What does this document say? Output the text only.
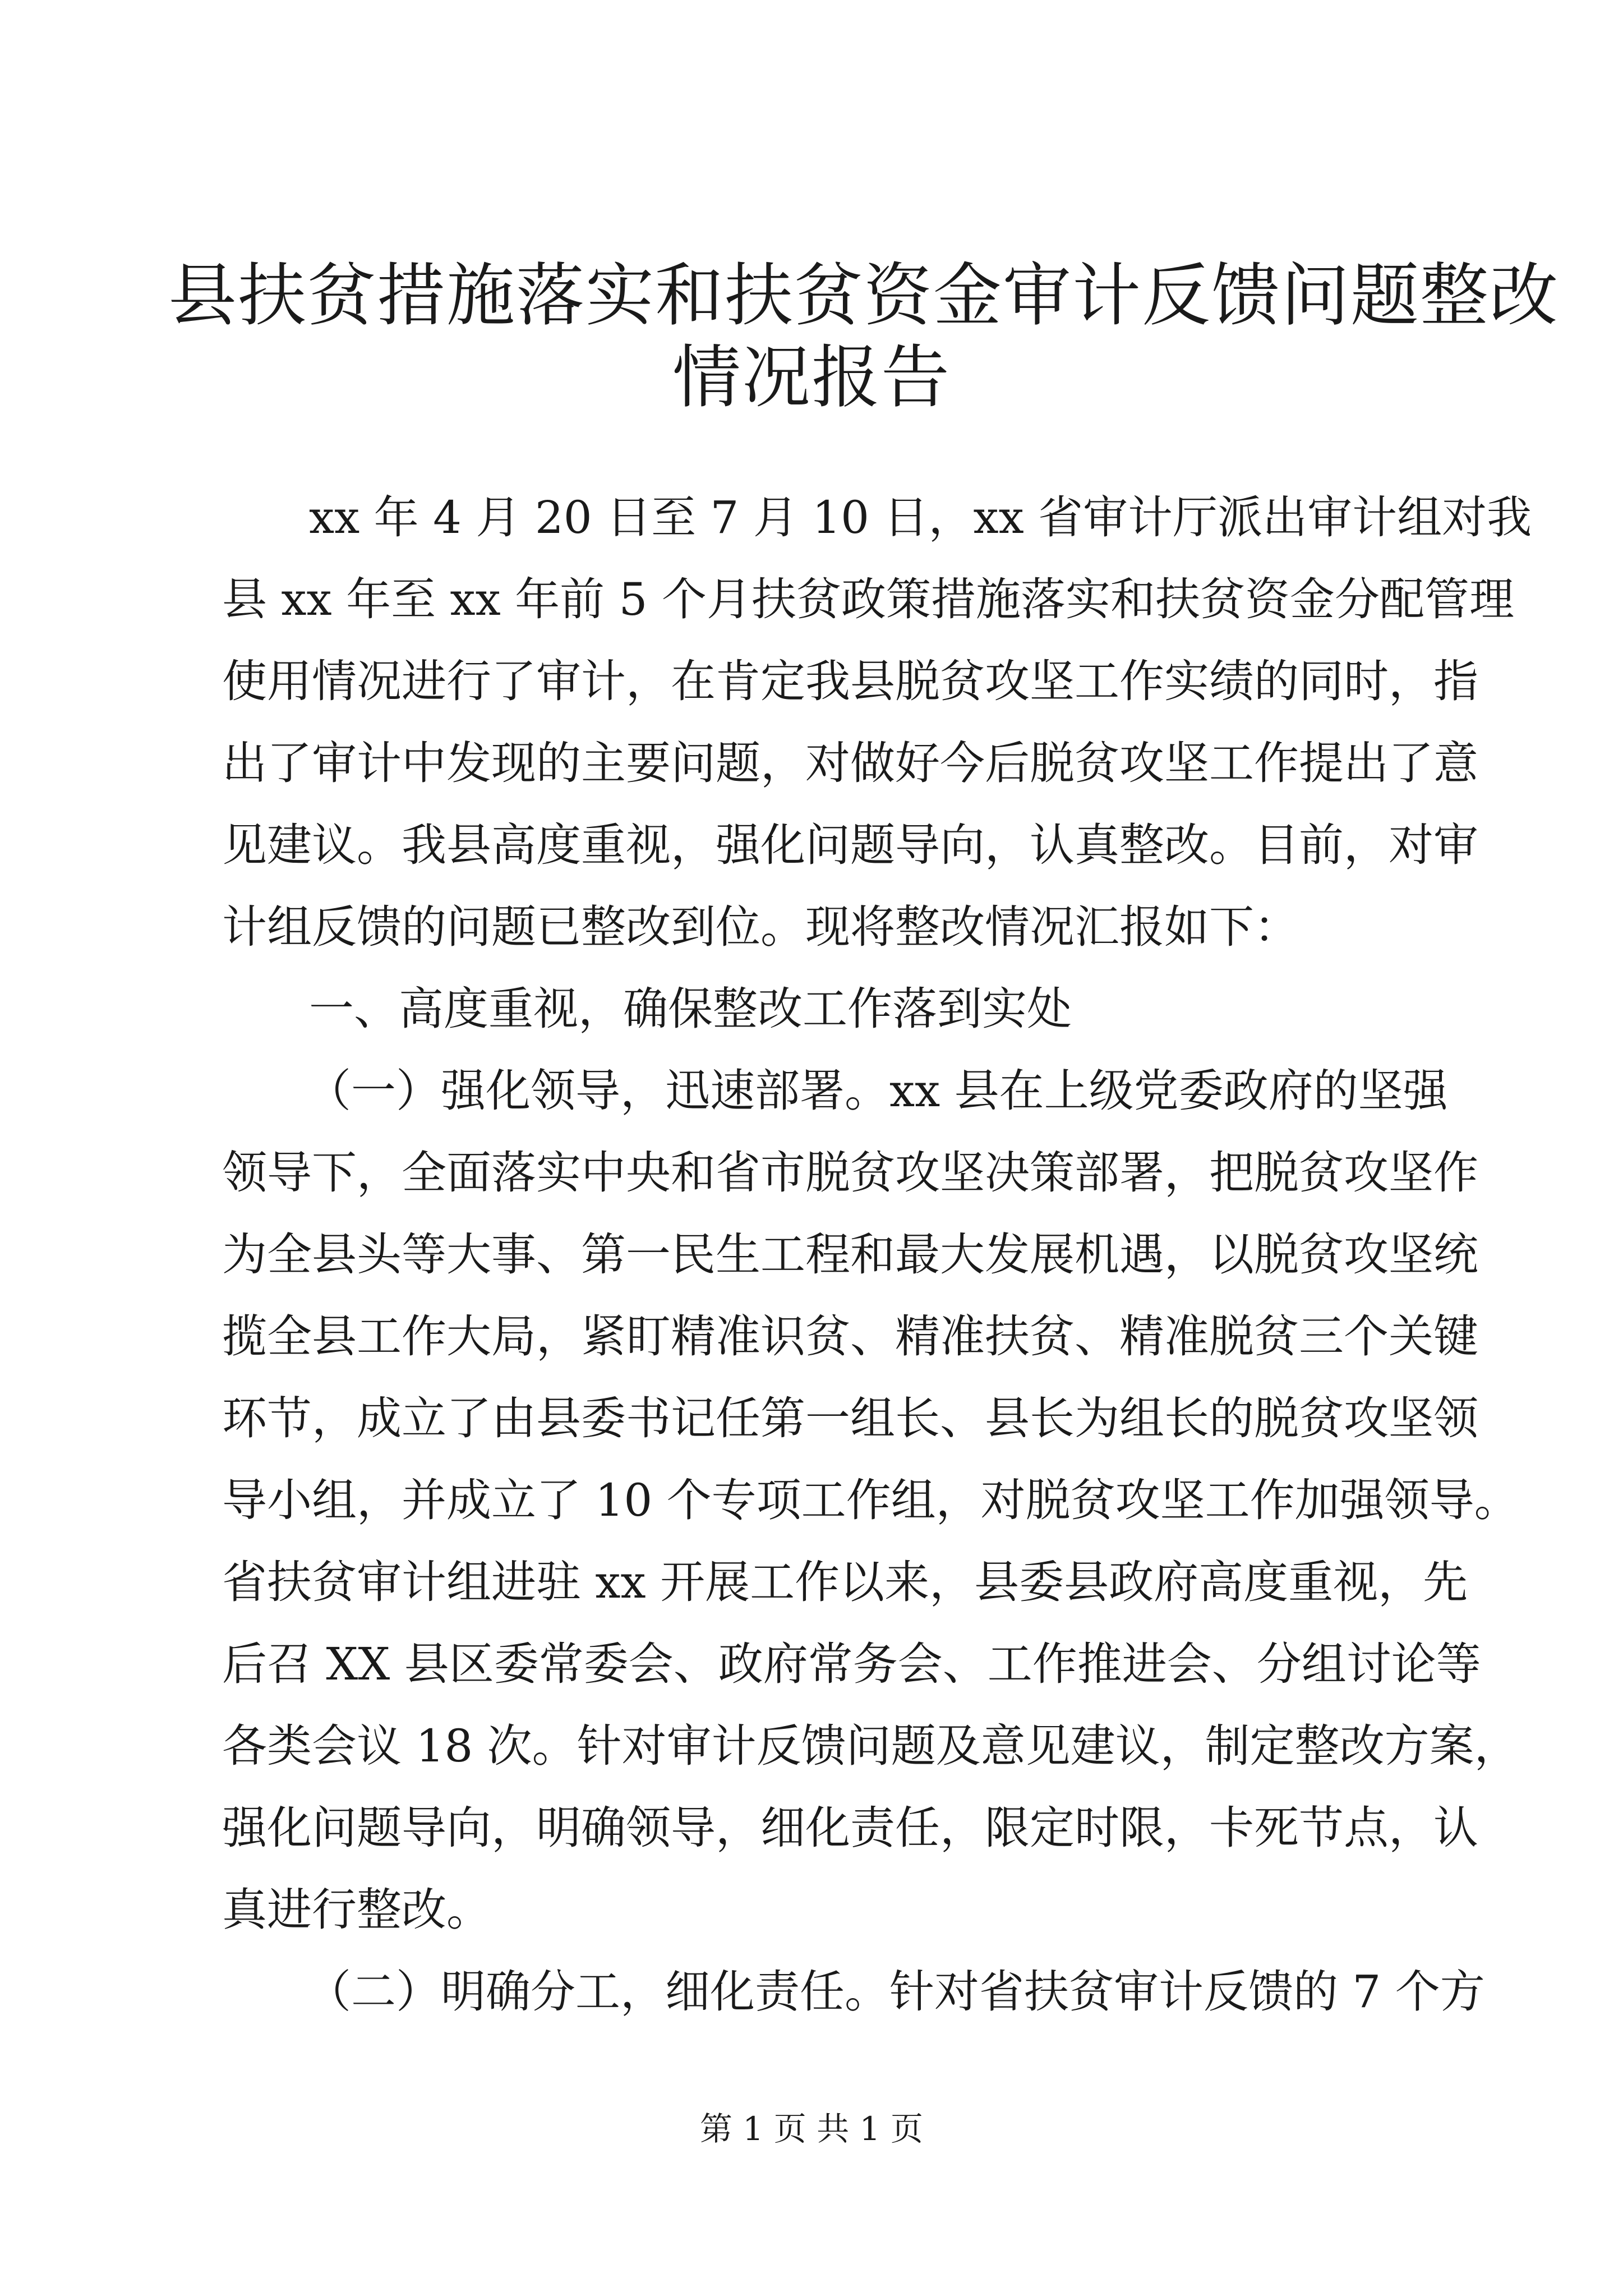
县扶贫措施落实和扶贫资金审计反馈问题整改
情况报告
xx 年 4 月 20 日至 7 月 10 日，xx 省审计厅派出审计组对我
县 xx 年至 xx 年前 5 个月扶贫政策措施落实和扶贫资金分配管理
使用情况进行了审计，在肯定我县脱贫攻坚工作实绩的同时，指
出了审计中发现的主要问题，对做好今后脱贫攻坚工作提出了意
见建议。我县高度重视，强化问题导向，认真整改。目前，对审
计组反馈的问题已整改到位。现将整改情况汇报如下：
一、高度重视，确保整改工作落到实处
（一）强化领导，迅速部署。xx 县在上级党委政府的坚强
领导下，全面落实中央和省市脱贫攻坚决策部署，把脱贫攻坚作
为全县头等大事、第一民生工程和最大发展机遇，以脱贫攻坚统
揽全县工作大局，紧盯精准识贫、精准扶贫、精准脱贫三个关键
环节，成立了由县委书记任第一组长、县长为组长的脱贫攻坚领
导小组，并成立了 10 个专项工作组，对脱贫攻坚工作加强领导。
省扶贫审计组进驻 xx 开展工作以来，县委县政府高度重视，先
后召 XX 县区委常委会、政府常务会、工作推进会、分组讨论等
各类会议 18 次。针对审计反馈问题及意见建议，制定整改方案，
强化问题导向，明确领导，细化责任，限定时限，卡死节点，认
真进行整改。
（二）明确分工，细化责任。针对省扶贫审计反馈的 7 个方
第 1 页 共 1 页
